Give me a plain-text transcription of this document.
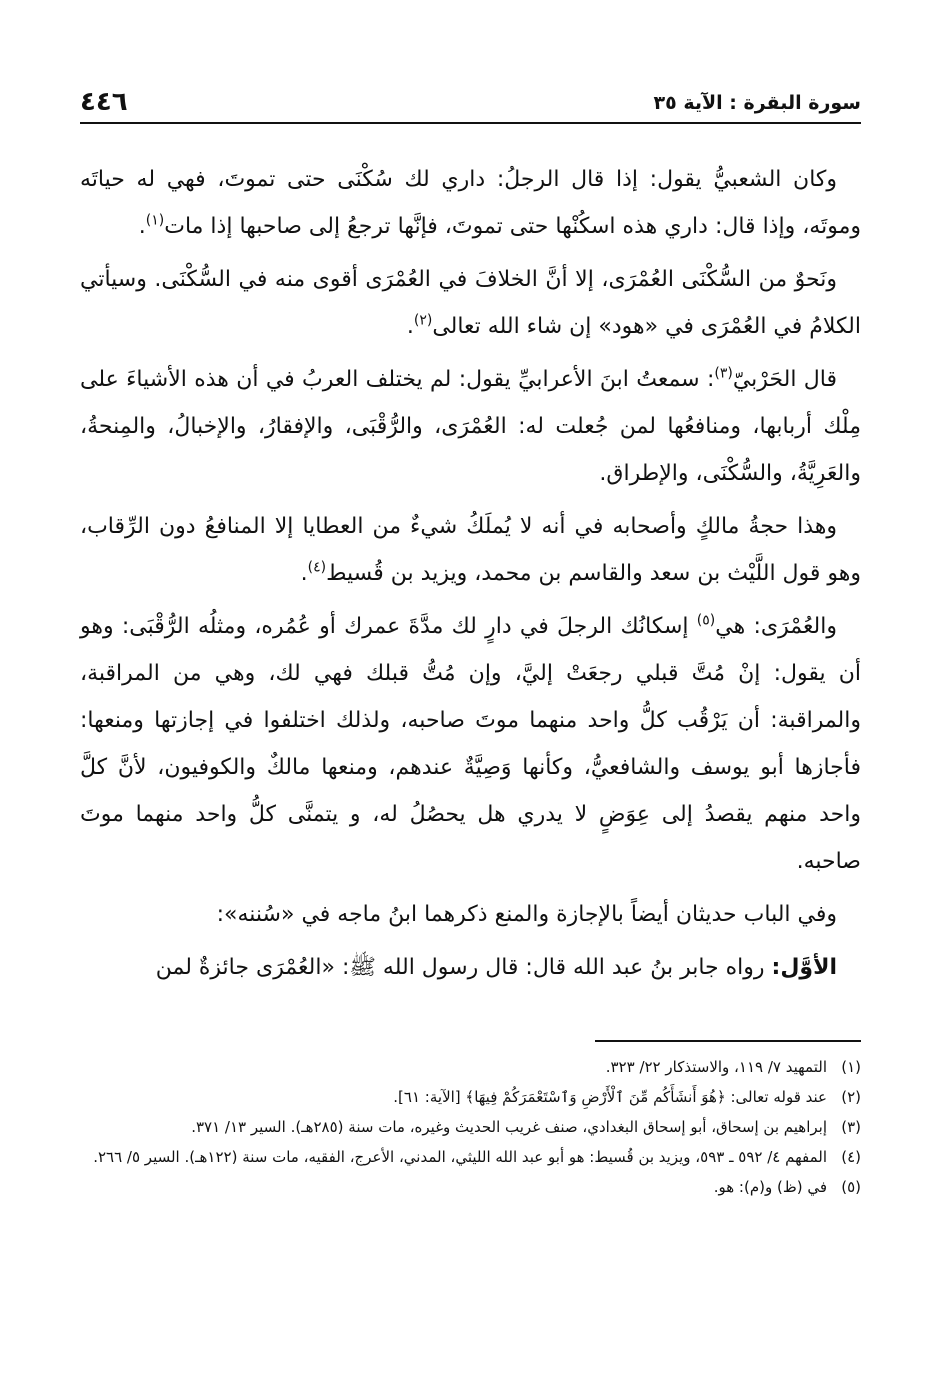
سورة البقرة : الآية ٣٥
٤٤٦

وكان الشعبيُّ يقول: إذا قال الرجلُ: داري لك سُكْنَى حتى تموتَ، فهي له حياتَه وموتَه، وإذا قال: داري هذه اسكُنْها حتى تموتَ، فإنَّها ترجعُ إلى صاحبها إذا مات$^{(١)}$.

ونَحوٌ من السُّكْنَى العُمْرَى، إلا أنَّ الخلافَ في العُمْرَى أقوى منه في السُّكْنَى. وسيأتي الكلامُ في العُمْرَى في «هود» إن شاء الله تعالى$^{(٢)}$.

قال الحَرْبيّ$^{(٣)}$: سمعتُ ابنَ الأعرابيِّ يقول: لم يختلف العربُ في أن هذه الأشياءَ على مِلْك أربابها، ومنافعُها لمن جُعلت له: العُمْرَى، والرُّقْبَى، والإفقارُ، والإخبالُ، والمِنحةُ، والعَرِيَّةُ، والسُّكْنَى، والإطراق.

وهذا حجةُ مالكٍ وأصحابه في أنه لا يُملَكُ شيءٌ من العطايا إلا المنافعُ دون الرِّقاب، وهو قول اللَّيْث بن سعد والقاسم بن محمد، ويزيد بن قُسيط$^{(٤)}$.

والعُمْرَى: هي$^{(٥)}$ إسكانُك الرجلَ في دارٍ لك مدَّةَ عمرك أو عُمُره، ومثلُه الرُّقْبَى: وهو أن يقول: إنْ مُتَّ قبلي رجعَتْ إليَّ، وإن مُتُّ قبلك فهي لك، وهي من المراقبة، والمراقبة: أن يَرْقُب كلُّ واحد منهما موتَ صاحبه، ولذلك اختلفوا في إجازتها ومنعها: فأجازها أبو يوسف والشافعيُّ، وكأنها وَصِيَّةٌ عندهم، ومنعها مالكٌ والكوفيون، لأنَّ كلَّ واحد منهم يقصدُ إلى عِوَضٍ لا يدري هل يحصُلُ له، و يتمنَّى كلُّ واحد منهما موتَ صاحبه.

وفي الباب حديثان أيضاً بالإجازة والمنع ذكرهما ابنُ ماجه في «سُننه»:

الأوَّل: رواه جابر بنُ عبد الله قال: قال رسول الله ﷺ: «العُمْرَى جائزةٌ لمن

(١)
التمهيد ٧/ ١١٩، والاستذكار ٢٢/ ٣٢٣.
(٢)
عند قوله تعالى: ﴿هُوَ أَنشَأَكُم مِّنَ ٱلْأَرْضِ وَٱسْتَعْمَرَكُمْ فِيهَا﴾ [الآية: ٦١].
(٣)
إبراهيم بن إسحاق، أبو إسحاق البغدادي، صنف غريب الحديث وغيره، مات سنة (٢٨٥هـ). السير ١٣/ ٣٧١.
(٤)
المفهم ٤/ ٥٩٢ ـ ٥٩٣، ويزيد بن قُسيط: هو أبو عبد الله الليثي، المدني، الأعرج، الفقيه، مات سنة (١٢٢هـ). السير ٥/ ٢٦٦.
(٥)
في (ظ) و(م): هو.
